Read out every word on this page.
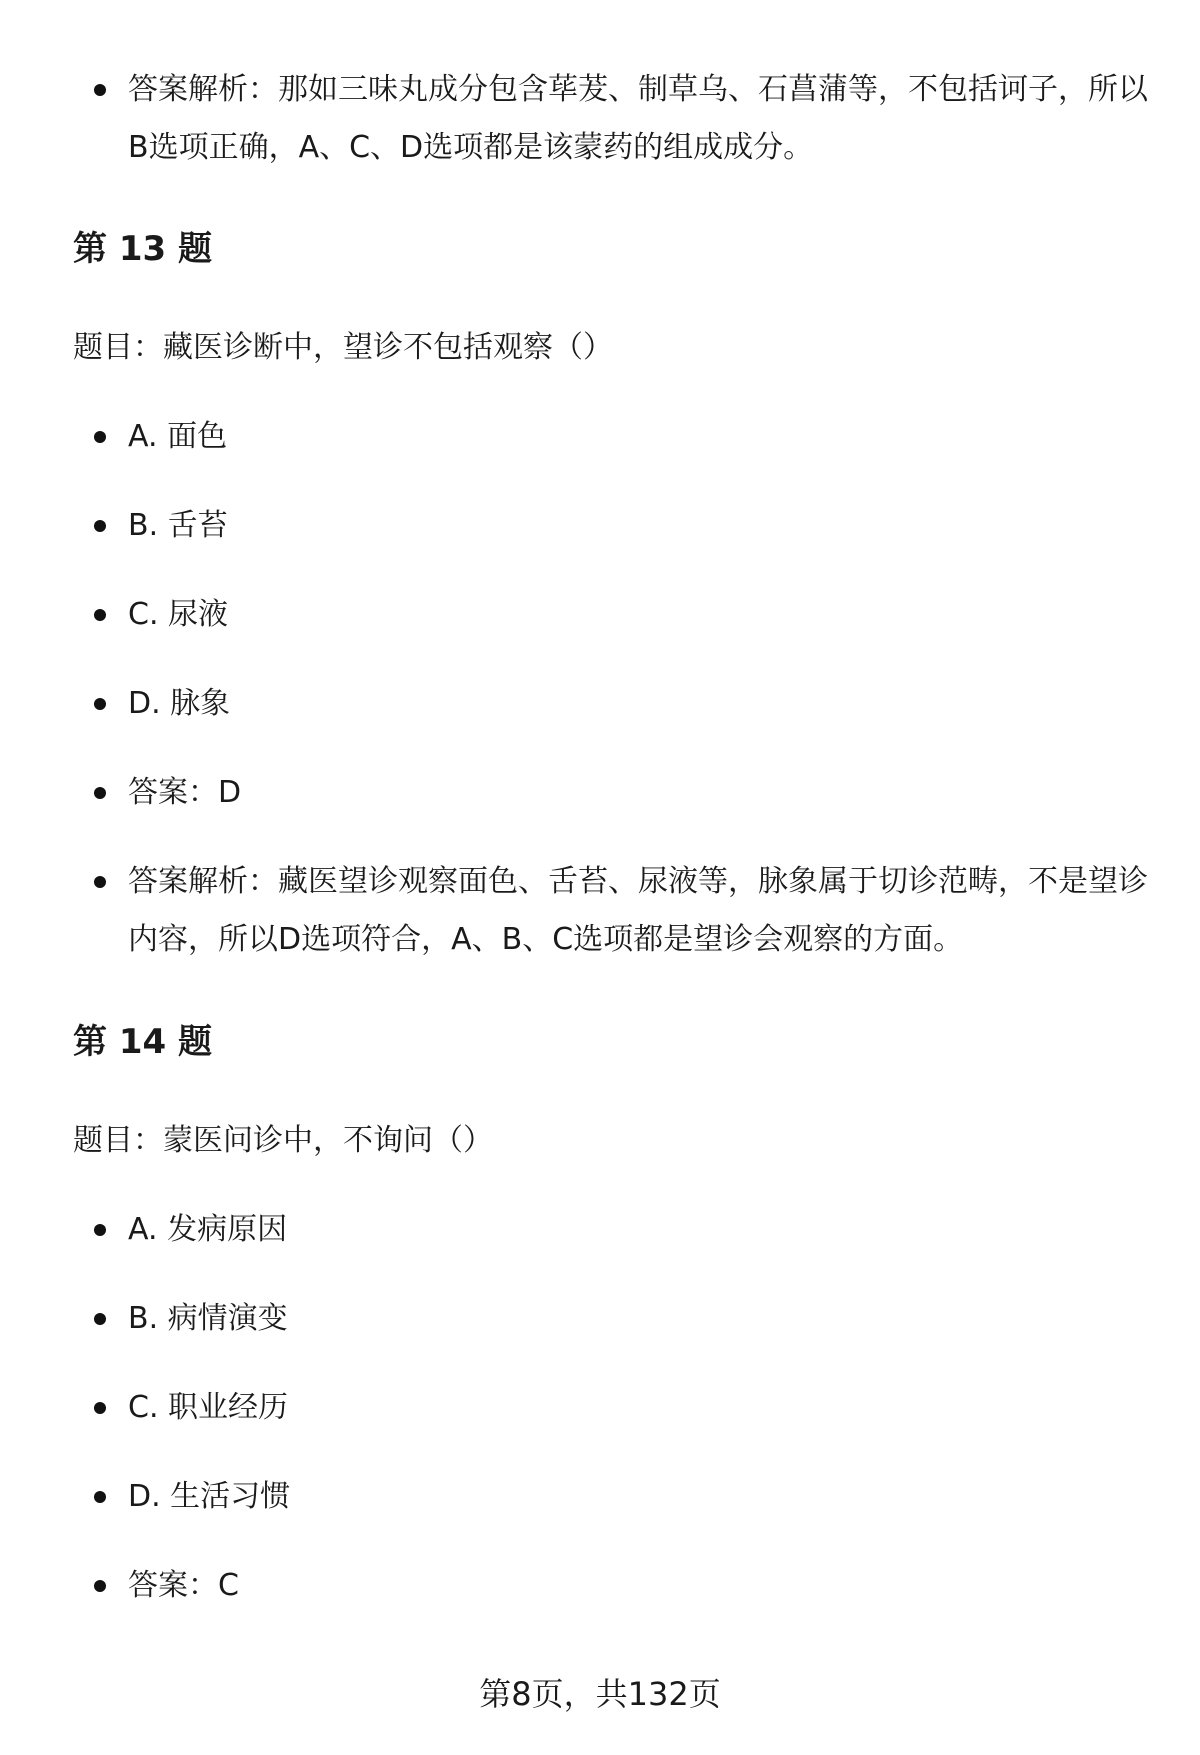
答案解析：那如三味丸成分包含荜茇、制草乌、石菖蒲等，不包括诃子，所以B选项正确，A、C、D选项都是该蒙药的组成成分。
第 13 题
题目：藏医诊断中，望诊不包括观察（）
A. 面色
B. 舌苔
C. 尿液
D. 脉象
答案：D
答案解析：藏医望诊观察面色、舌苔、尿液等，脉象属于切诊范畴，不是望诊内容，所以D选项符合，A、B、C选项都是望诊会观察的方面。
第 14 题
题目：蒙医问诊中，不询问（）
A. 发病原因
B. 病情演变
C. 职业经历
D. 生活习惯
答案：C
第8页，共132页
